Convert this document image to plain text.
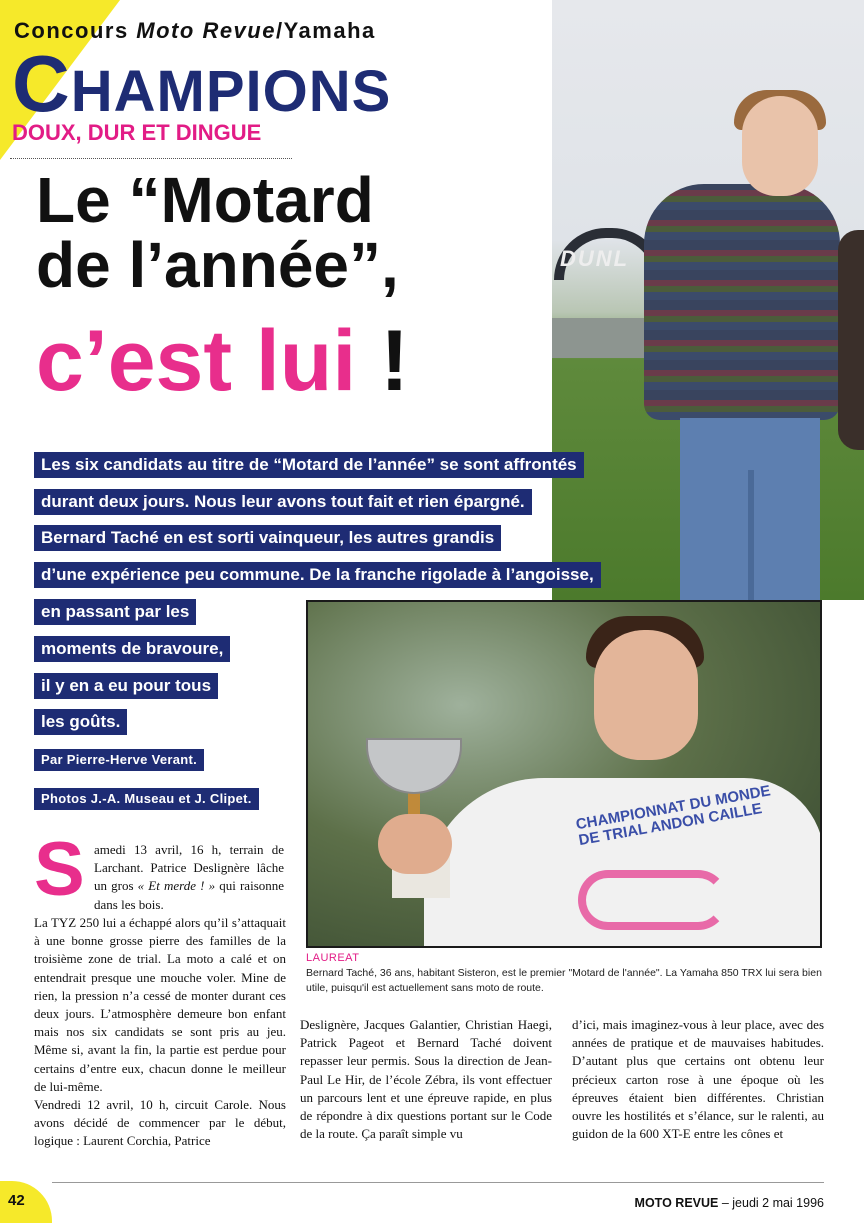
DUNL
Concours Moto Revue/Yamaha
CHAMPIONS
DOUX, DUR ET DINGUE
Le “Motard
de l’année”,
c’est lui !
Les six candidats au titre de “Motard de l’année” se sont affrontés
durant deux jours. Nous leur avons tout fait et rien épargné.
Bernard Taché en est sorti vainqueur, les autres grandis
d’une expérience peu commune. De la franche rigolade à l’angoisse,
en passant par les
moments de bravoure,
il y en a eu pour tous
les goûts.
Par Pierre-Herve Verant.
Photos J.-A. Museau et J. Clipet.	CHAMPIONNAT DU MONDE DE TRIAL ANDON CAILLE
LAUREAT
Bernard Taché, 36 ans, habitant Sisteron, est le premier "Motard de l'année". La Yamaha 850 TRX lui sera bien utile, puisqu'il est actuellement sans moto de route.
S amedi 13 avril, 16 h, terrain de Larchant. Patrice Deslignère lâche un gros « Et merde ! » qui raisonne dans les bois.
La TYZ 250 lui a échappé alors qu’il s’attaquait à une bonne grosse pierre des familles de la troisième zone de trial. La moto a calé et on entendrait presque une mouche voler. Mine de rien, la pression n’a cessé de monter durant ces deux jours. L’atmosphère demeure bon enfant mais nos six candidats se sont pris au jeu. Même si, avant la fin, la partie est perdue pour certains d’entre eux, chacun donne le meilleur de lui-même.
Vendredi 12 avril, 10 h, circuit Carole. Nous avons décidé de commencer par le début, logique : Laurent Corchia, Patrice
Deslignère, Jacques Galantier, Christian Haegi, Patrick Pageot et Bernard Taché doivent repasser leur permis. Sous la direction de Jean-Paul Le Hir, de l’école Zébra, ils vont effectuer un parcours lent et une épreuve rapide, en plus de répondre à dix questions portant sur le Code de la route. Ça paraît simple vu
d’ici, mais imaginez-vous à leur place, avec des années de pratique et de mauvaises habitudes. D’autant plus que certains ont obtenu leur précieux carton rose à une époque où les épreuves étaient bien différentes. Christian ouvre les hostilités et s’élance, sur le ralenti, au guidon de la 600 XT-E entre les cônes et
42	MOTO REVUE – jeudi 2 mai 1996
